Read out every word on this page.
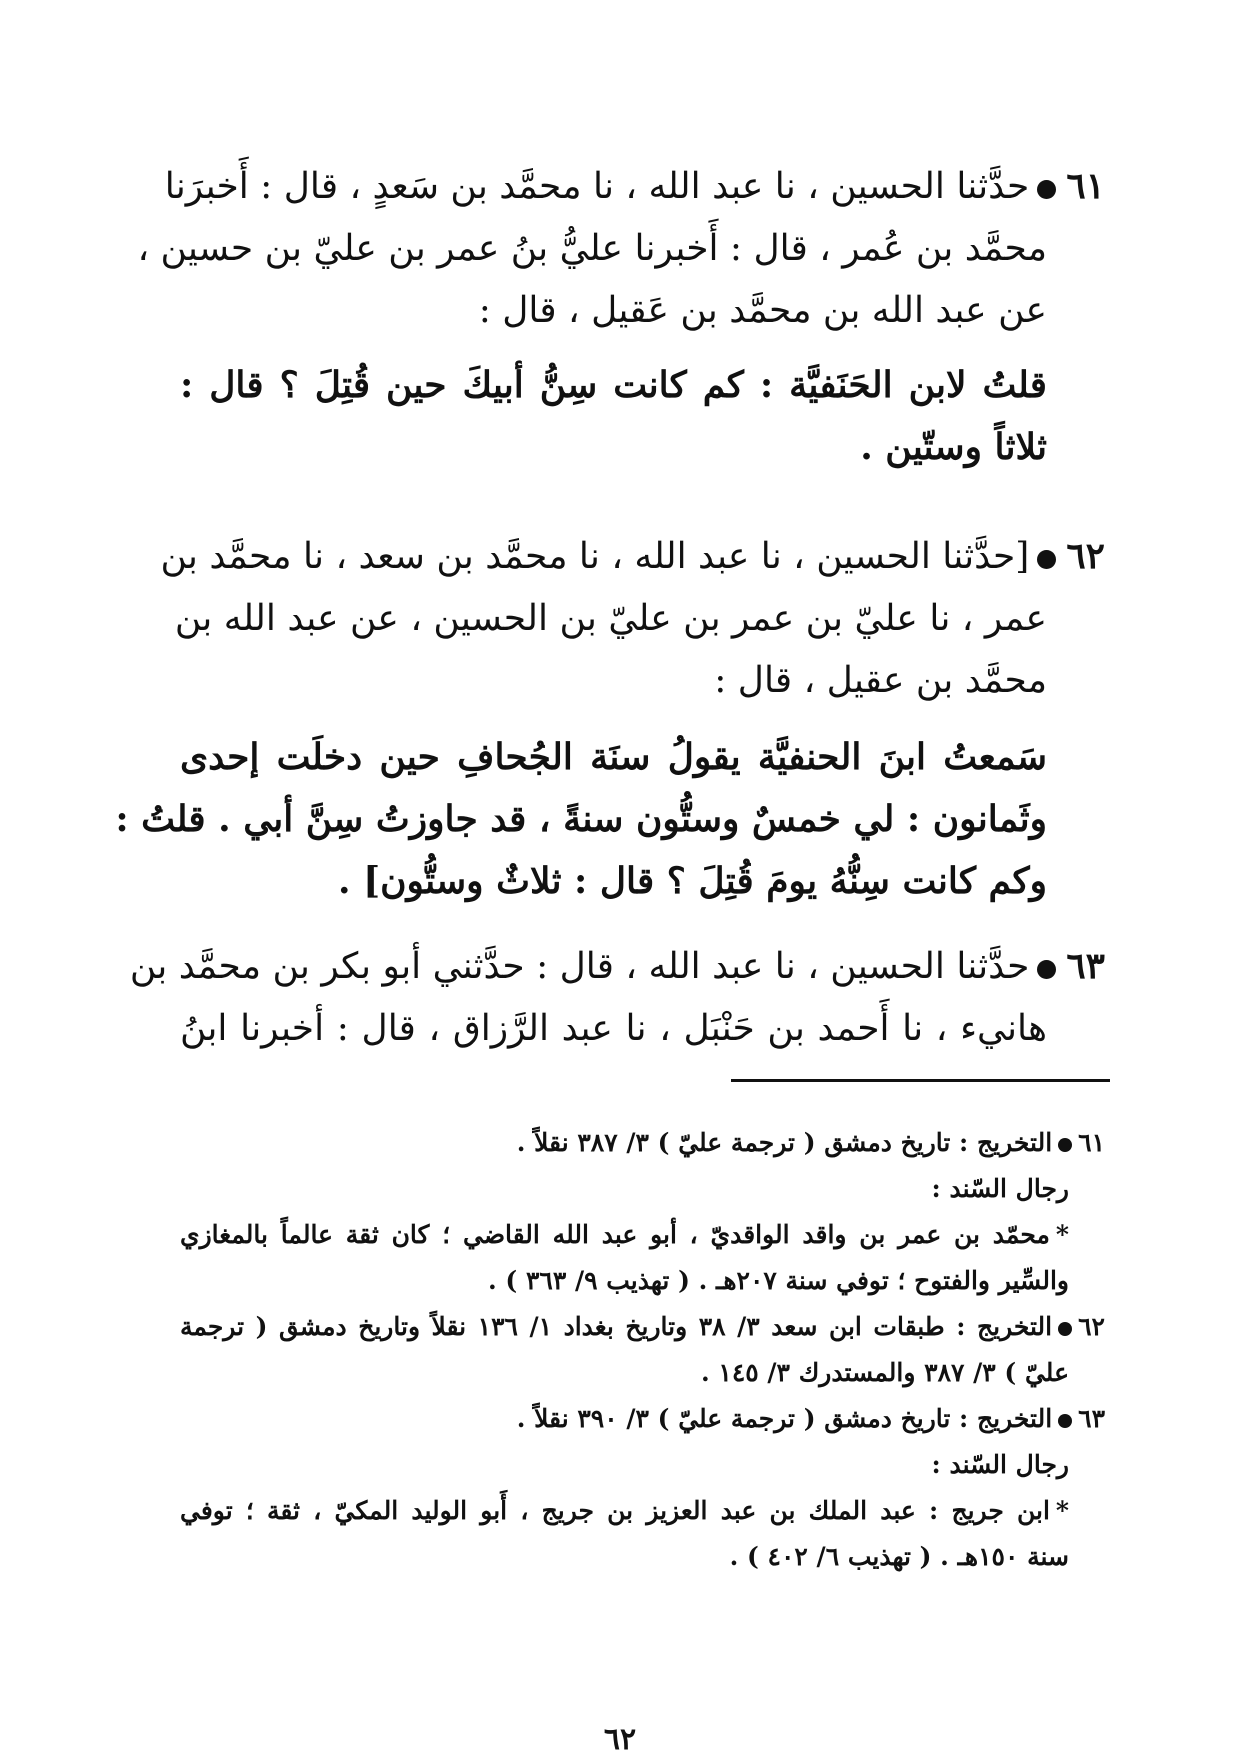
٦١حدَّثنا الحسين ، نا عبد الله ، نا محمَّد بن سَعدٍ ، قال : أَخبرَنا
محمَّد بن عُمر ، قال : أَخبرنا عليُّ بنُ عمر بن عليّ بن حسين ،
عن عبد الله بن محمَّد بن عَقيل ، قال :
قلتُ لابن الحَنَفيَّة : كم كانت سِنُّ أبيكَ حين قُتِلَ ؟ قال :
ثلاثاً وستّين .
٦٢[حدَّثنا الحسين ، نا عبد الله ، نا محمَّد بن سعد ، نا محمَّد بن
عمر ، نا عليّ بن عمر بن عليّ بن الحسين ، عن عبد الله بن
محمَّد بن عقيل ، قال :
سَمعتُ ابنَ الحنفيَّة يقولُ سنَة الجُحافِ حين دخلَت إحدى
وثَمانون : لي خمسٌ وستُّون سنةً ، قد جاوزتُ سِنَّ أبي . قلتُ :
وكم كانت سِنُّهُ يومَ قُتِلَ ؟ قال : ثلاثٌ وستُّون] .
٦٣حدَّثنا الحسين ، نا عبد الله ، قال : حدَّثني أبو بكر بن محمَّد بن
هانيء ، نا أَحمد بن حَنْبَل ، نا عبد الرَّزاق ، قال : أخبرنا ابنُ
٦١التخريج : تاريخ دمشق ( ترجمة عليّ ) ٣/ ٣٨٧ نقلاً .
رجال السّند :
*محمّد بن عمر بن واقد الواقديّ ، أبو عبد الله القاضي ؛ كان ثقة عالماً بالمغازي
والسِّير والفتوح ؛ توفي سنة ٢٠٧هـ . ( تهذيب ٩/ ٣٦٣ ) .
٦٢التخريج : طبقات ابن سعد ٣/ ٣٨ وتاريخ بغداد ١/ ١٣٦ نقلاً وتاريخ دمشق ( ترجمة
عليّ ) ٣/ ٣٨٧ والمستدرك ٣/ ١٤٥ .
٦٣التخريج : تاريخ دمشق ( ترجمة عليّ ) ٣/ ٣٩٠ نقلاً .
رجال السّند :
*ابن جريج : عبد الملك بن عبد العزيز بن جريج ، أَبو الوليد المكيّ ، ثقة ؛ توفي
سنة ١٥٠هـ . ( تهذيب ٦/ ٤٠٢ ) .
٦٢
